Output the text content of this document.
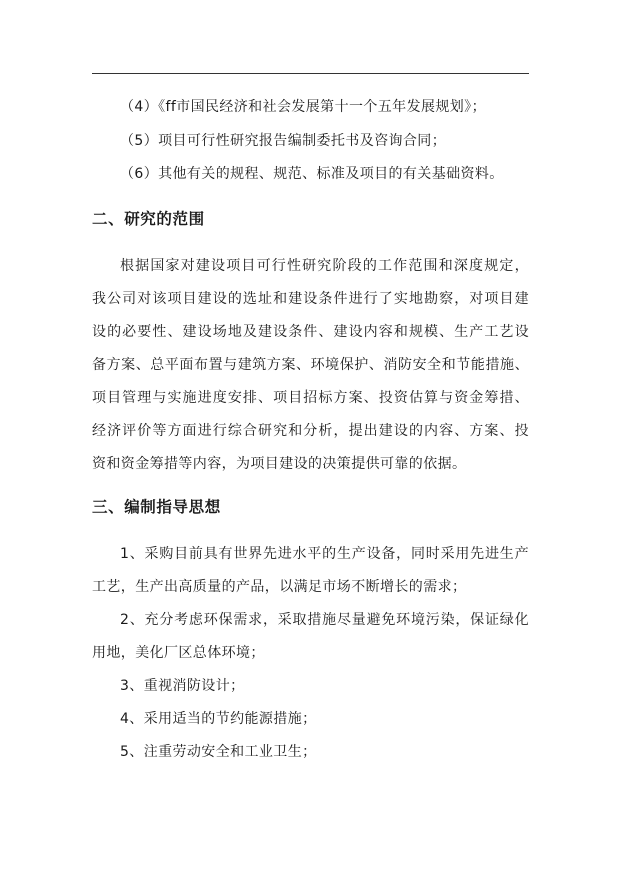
（4）《ff市国民经济和社会发展第十一个五年发展规划》；
（5）项目可行性研究报告编制委托书及咨询合同；
（6）其他有关的规程、规范、标准及项目的有关基础资料。
二、研究的范围
根据国家对建设项目可行性研究阶段的工作范围和深度规定，
我公司对该项目建设的选址和建设条件进行了实地勘察，对项目建
设的必要性、建设场地及建设条件、建设内容和规模、生产工艺设
备方案、总平面布置与建筑方案、环境保护、消防安全和节能措施、
项目管理与实施进度安排、项目招标方案、投资估算与资金筹措、
经济评价等方面进行综合研究和分析，提出建设的内容、方案、投
资和资金筹措等内容，为项目建设的决策提供可靠的依据。
三、编制指导思想
1、采购目前具有世界先进水平的生产设备，同时采用先进生产
工艺，生产出高质量的产品，以满足市场不断增长的需求；
2、充分考虑环保需求，采取措施尽量避免环境污染，保证绿化
用地，美化厂区总体环境；
3、重视消防设计；
4、采用适当的节约能源措施；
5、注重劳动安全和工业卫生；
